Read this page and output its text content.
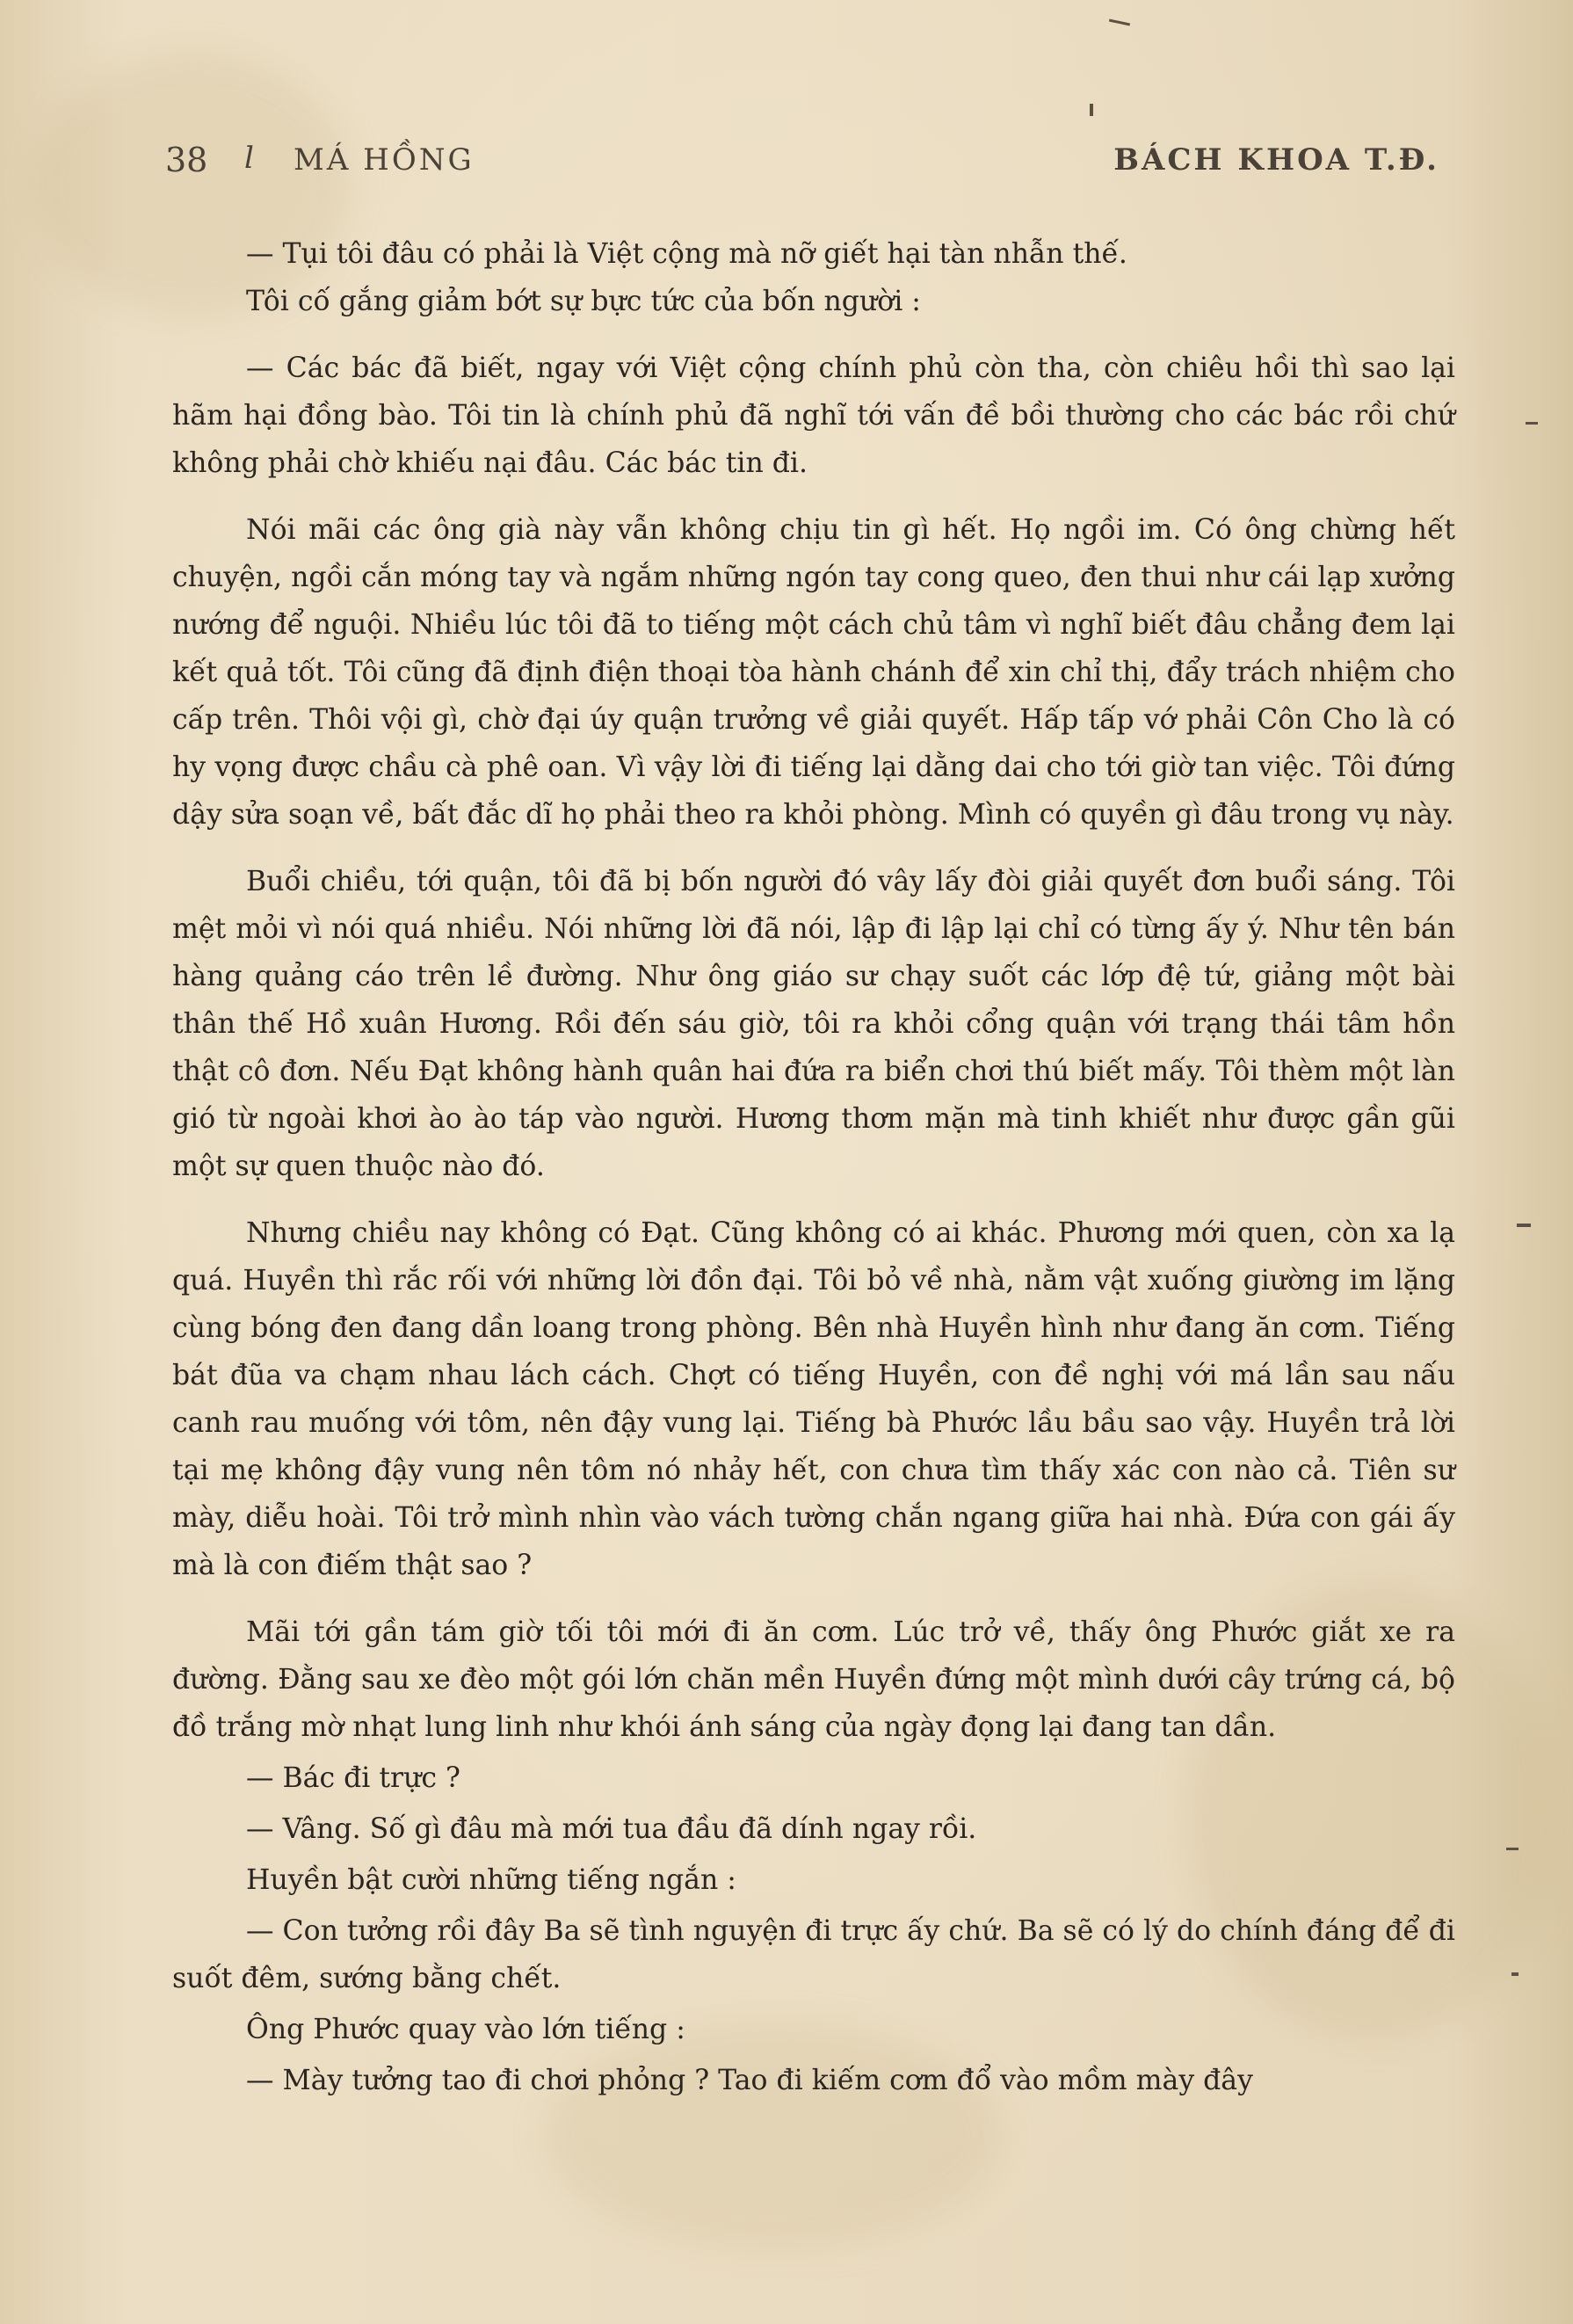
38 l MÁ HỒNG	BÁCH KHOA T.Đ.

— Tụi tôi đâu có phải là Việt cộng mà nỡ giết hại tàn nhẫn thế.

Tôi cố gắng giảm bớt sự bực tức của bốn người :

— Các bác đã biết, ngay với Việt cộng chính phủ còn tha, còn chiêu hồi thì sao lại hãm hại đồng bào. Tôi tin là chính phủ đã nghĩ tới vấn đề bồi thường cho các bác rồi chứ không phải chờ khiếu nại đâu. Các bác tin đi.

Nói mãi các ông già này vẫn không chịu tin gì hết. Họ ngồi im. Có ông chừng hết chuyện, ngồi cắn móng tay và ngắm những ngón tay cong queo, đen thui như cái lạp xưởng nướng để nguội. Nhiều lúc tôi đã to tiếng một cách chủ tâm vì nghĩ biết đâu chẳng đem lại kết quả tốt. Tôi cũng đã định điện thoại tòa hành chánh để xin chỉ thị, đẩy trách nhiệm cho cấp trên. Thôi vội gì, chờ đại úy quận trưởng về giải quyết. Hấp tấp vớ phải Côn Cho là có hy vọng được chầu cà phê oan. Vì vậy lời đi tiếng lại dằng dai cho tới giờ tan việc. Tôi đứng dậy sửa soạn về, bất đắc dĩ họ phải theo ra khỏi phòng. Mình có quyền gì đâu trong vụ này.

Buổi chiều, tới quận, tôi đã bị bốn người đó vây lấy đòi giải quyết đơn buổi sáng. Tôi mệt mỏi vì nói quá nhiều. Nói những lời đã nói, lập đi lập lại chỉ có từng ấy ý. Như tên bán hàng quảng cáo trên lề đường. Như ông giáo sư chạy suốt các lớp đệ tứ, giảng một bài thân thế Hồ xuân Hương. Rồi đến sáu giờ, tôi ra khỏi cổng quận với trạng thái tâm hồn thật cô đơn. Nếu Đạt không hành quân hai đứa ra biển chơi thú biết mấy. Tôi thèm một làn gió từ ngoài khơi ào ào táp vào người. Hương thơm mặn mà tinh khiết như được gần gũi một sự quen thuộc nào đó.

Nhưng chiều nay không có Đạt. Cũng không có ai khác. Phương mới quen, còn xa lạ quá. Huyền thì rắc rối với những lời đồn đại. Tôi bỏ về nhà, nằm vật xuống giường im lặng cùng bóng đen đang dần loang trong phòng. Bên nhà Huyền hình như đang ăn cơm. Tiếng bát đũa va chạm nhau lách cách. Chợt có tiếng Huyền, con đề nghị với má lần sau nấu canh rau muống với tôm, nên đậy vung lại. Tiếng bà Phước lầu bầu sao vậy. Huyền trả lời tại mẹ không đậy vung nên tôm nó nhảy hết, con chưa tìm thấy xác con nào cả. Tiên sư mày, diễu hoài. Tôi trở mình nhìn vào vách tường chắn ngang giữa hai nhà. Đứa con gái ấy mà là con điếm thật sao ?

Mãi tới gần tám giờ tối tôi mới đi ăn cơm. Lúc trở về, thấy ông Phước giắt xe ra đường. Đằng sau xe đèo một gói lớn chăn mền Huyền đứng một mình dưới cây trứng cá, bộ đồ trắng mờ nhạt lung linh như khói ánh sáng của ngày đọng lại đang tan dần.

— Bác đi trực ?

— Vâng. Số gì đâu mà mới tua đầu đã dính ngay rồi.

Huyền bật cười những tiếng ngắn :

— Con tưởng rồi đây Ba sẽ tình nguyện đi trực ấy chứ. Ba sẽ có lý do chính đáng để đi suốt đêm, sướng bằng chết.

Ông Phước quay vào lớn tiếng :

— Mày tưởng tao đi chơi phỏng ? Tao đi kiếm cơm đổ vào mồm mày đây
